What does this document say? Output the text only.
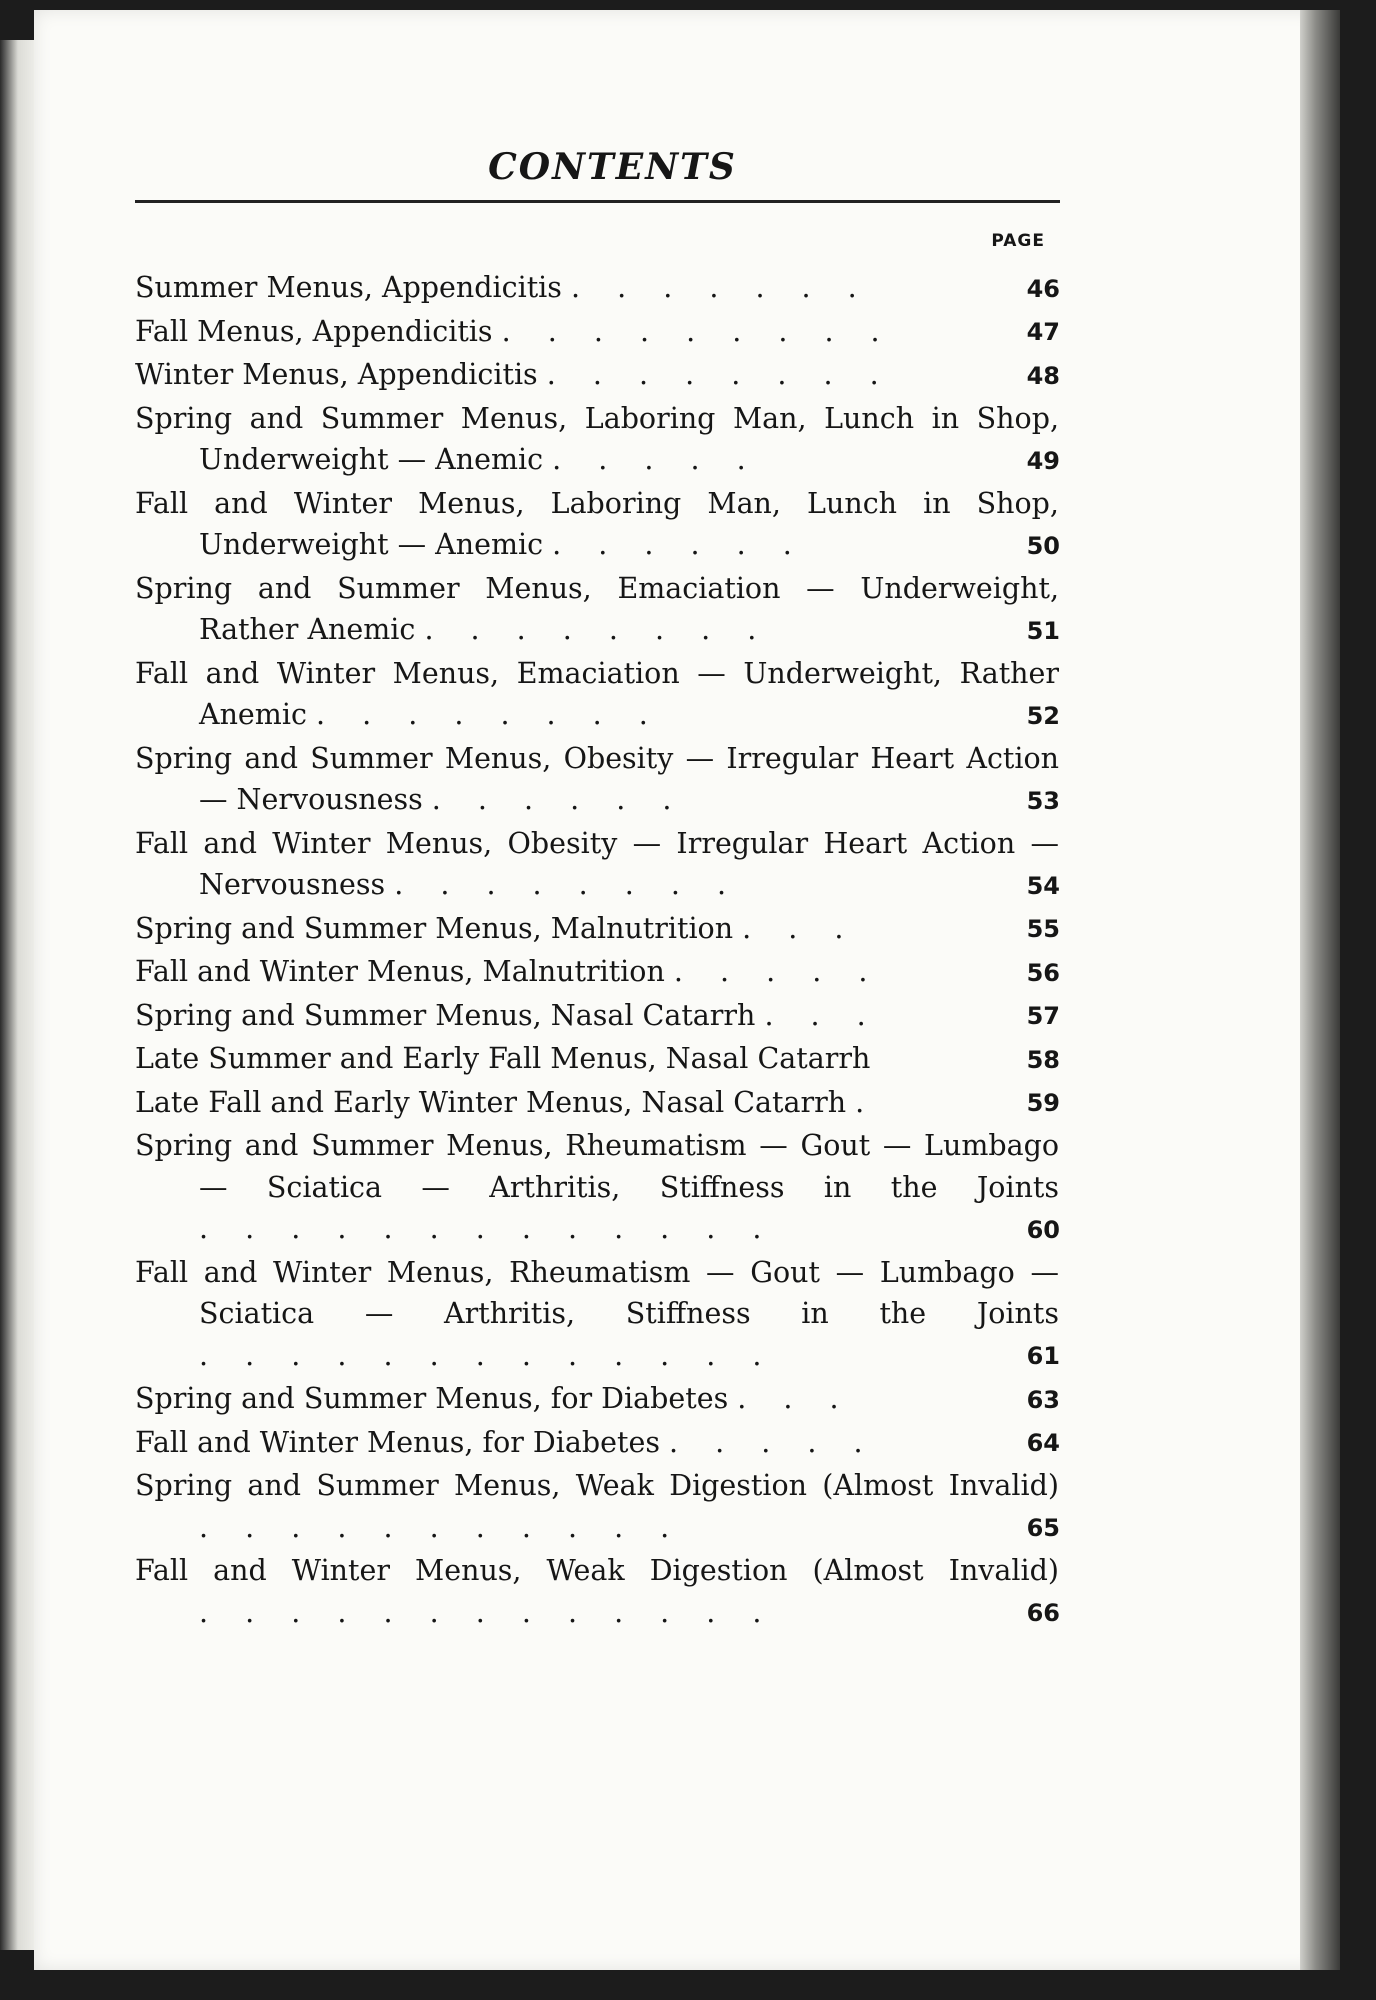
CONTENTS
PAGE
Summer Menus, Appendicitis . . . . . . .	46
Fall Menus, Appendicitis . . . . . . . . .	47
Winter Menus, Appendicitis . . . . . . . .	48
Spring and Summer Menus, Laboring Man, Lunch in Shop, Underweight — Anemic . . . . .	49
Fall and Winter Menus, Laboring Man, Lunch in Shop, Underweight — Anemic . . . . . .	50
Spring and Summer Menus, Emaciation — Underweight, Rather Anemic . . . . . . . .	51
Fall and Winter Menus, Emaciation — Underweight, Rather Anemic . . . . . . . .	52
Spring and Summer Menus, Obesity — Irregular Heart Action — Nervousness . . . . . .	53
Fall and Winter Menus, Obesity — Irregular Heart Action — Nervousness . . . . . . . .	54
Spring and Summer Menus, Malnutrition . . .	55
Fall and Winter Menus, Malnutrition . . . . .	56
Spring and Summer Menus, Nasal Catarrh . . .	57
Late Summer and Early Fall Menus, Nasal Catarrh	58
Late Fall and Early Winter Menus, Nasal Catarrh .	59
Spring and Summer Menus, Rheumatism — Gout — Lumbago — Sciatica — Arthritis, Stiffness in the Joints . . . . . . . . . . . . .	60
Fall and Winter Menus, Rheumatism — Gout — Lumbago — Sciatica — Arthritis, Stiffness in the Joints . . . . . . . . . . . . .	61
Spring and Summer Menus, for Diabetes . . .	63
Fall and Winter Menus, for Diabetes . . . . .	64
Spring and Summer Menus, Weak Digestion (Almost Invalid) . . . . . . . . . . .	65
Fall and Winter Menus, Weak Digestion (Almost Invalid) . . . . . . . . . . . . .	66
